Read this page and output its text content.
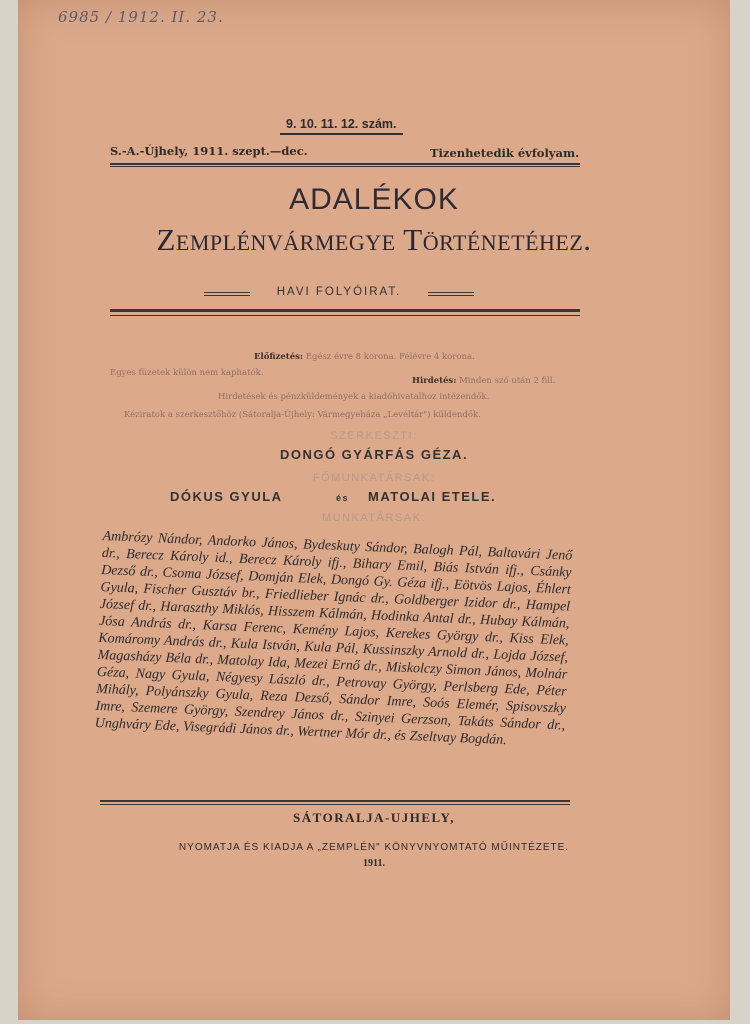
6985 / 1912. II. 23.
9. 10. 11. 12. szám.
S.-A.-Újhely, 1911. szept.—dec.	Tizenhetedik évfolyam.
ADALÉKOK
Zemplénvármegye Történetéhez.
HAVI FOLYÓIRAT.
Előfizetés: Egész évre 8 korona. Félévre 4 korona.
Egyes füzetek külön nem kaphatók.
Hirdetés: Minden szó után 2 fill.
Hirdetések és pénzküldemények a kiadóhivatalhoz intézendők.
Kéziratok a szerkesztőhöz (Sátoralja-Újhely: Vármegyeháza „Levéltár") küldendők.
SZERKESZTI:
DONGÓ GYÁRFÁS GÉZA.
FŐMUNKATÁRSAK:
DÓKUS GYULA	és MATOLAI ETELE.
MUNKATÁRSAK:
Ambrózy Nándor, Andorko János, Bydeskuty Sándor, Balogh Pál, Baltavári Jenő dr., Berecz Károly id., Berecz Károly ifj., Bihary Emil, Biás István ifj., Csánky Dezső dr., Csoma József, Domján Elek, Dongó Gy. Géza ifj., Eötvös Lajos, Éhlert Gyula, Fischer Gusztáv br., Friedlieber Ignác dr., Goldberger Izidor dr., Hampel József dr., Haraszthy Miklós, Hisszem Kálmán, Hodinka Antal dr., Hubay Kálmán, Jósa András dr., Karsa Ferenc, Kemény Lajos, Kerekes György dr., Kiss Elek, Komáromy András dr., Kula István, Kula Pál, Kussinszky Arnold dr., Lojda József, Magasházy Béla dr., Matolay Ida, Mezei Ernő dr., Miskolczy Simon János, Molnár Géza, Nagy Gyula, Négyesy László dr., Petrovay György, Perlsberg Ede, Péter Mihály, Polyánszky Gyula, Reza Dezső, Sándor Imre, Soós Elemér, Spisovszky Imre, Szemere György, Szendrey János dr., Szinyei Gerzson, Takáts Sándor dr., Unghváry Ede, Visegrádi János dr., Wertner Mór dr., és Zseltvay Bogdán.
SÁTORALJA-UJHELY,
NYOMATJA ÉS KIADJA A „ZEMPLÉN" KÖNYVNYOMTATÓ MŰINTÉZETE.
1911.
